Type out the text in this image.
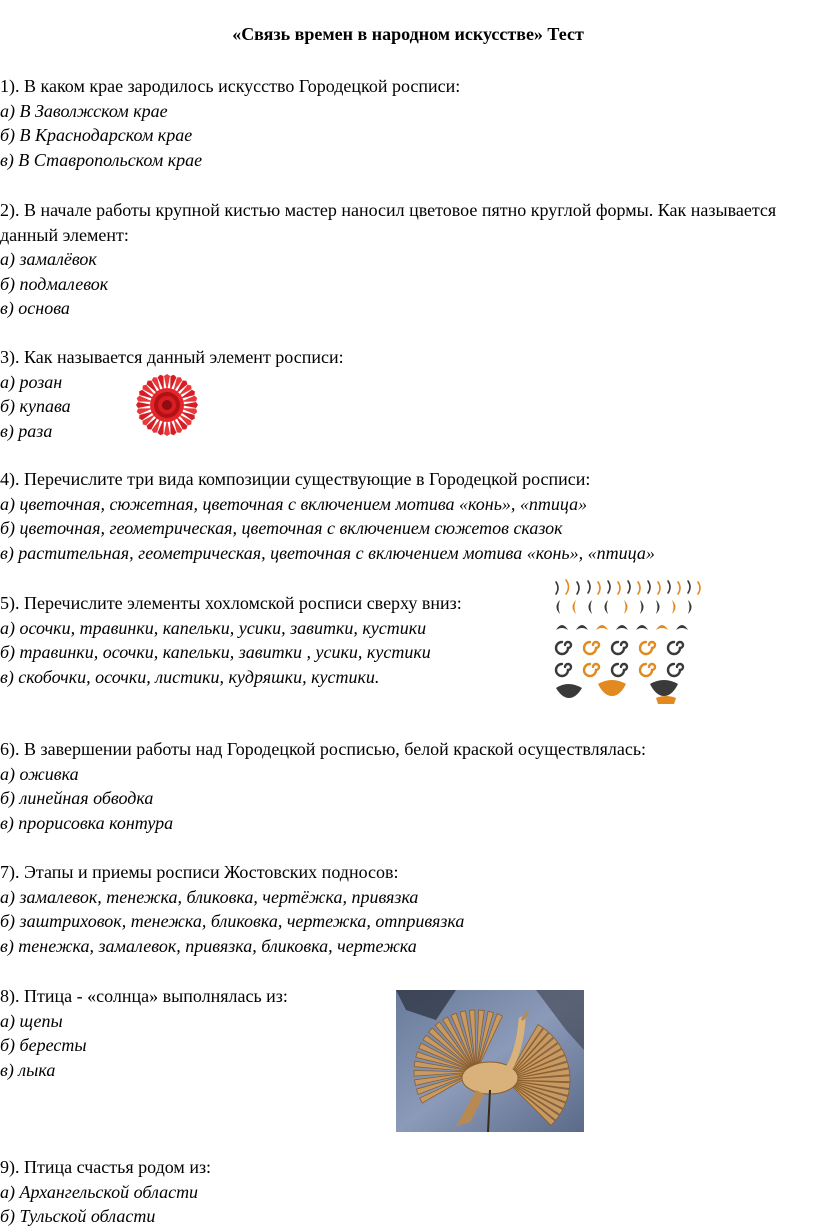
«Связь времен в народном искусстве» Тест

1). В каком крае зародилось искусство Городецкой росписи:

а) В Заволжском крае

б) В Краснодарском крае

в) В Ставропольском крае

2). В начале работы крупной кистью мастер наносил цветовое пятно круглой формы. Как называется данный элемент:

а) замалёвок

б) подмалевок

в) основа

3). Как называется данный элемент росписи:

а) розан

б) купава

в) раза

4). Перечислите три вида композиции существующие в Городецкой росписи:

а) цветочная, сюжетная, цветочная с включением мотива «конь», «птица»

б) цветочная, геометрическая, цветочная с включением сюжетов сказок

в) растительная, геометрическая, цветочная с включением мотива «конь», «птица»

5). Перечислите элементы хохломской росписи сверху вниз:

а) осочки, травинки, капельки, усики, завитки, кустики

б) травинки, осочки, капельки, завитки , усики, кустики

в) скобочки, осочки, листики, кудряшки, кустики.

6). В завершении работы над Городецкой росписью, белой краской осуществлялась:

а) оживка

б) линейная обводка

в) прорисовка контура

7). Этапы и приемы росписи Жостовских подносов:

а) замалевок, тенежка, бликовка, чертёжка, привязка

б) заштриховок, тенежка, бликовка, чертежка, отпривязка

в) тенежка, замалевок, привязка, бликовка, чертежка

8). Птица - «солнца» выполнялась из:

а) щепы

б) бересты

в) лыка

9). Птица счастья родом из:

а) Архангельской области

б) Тульской области
